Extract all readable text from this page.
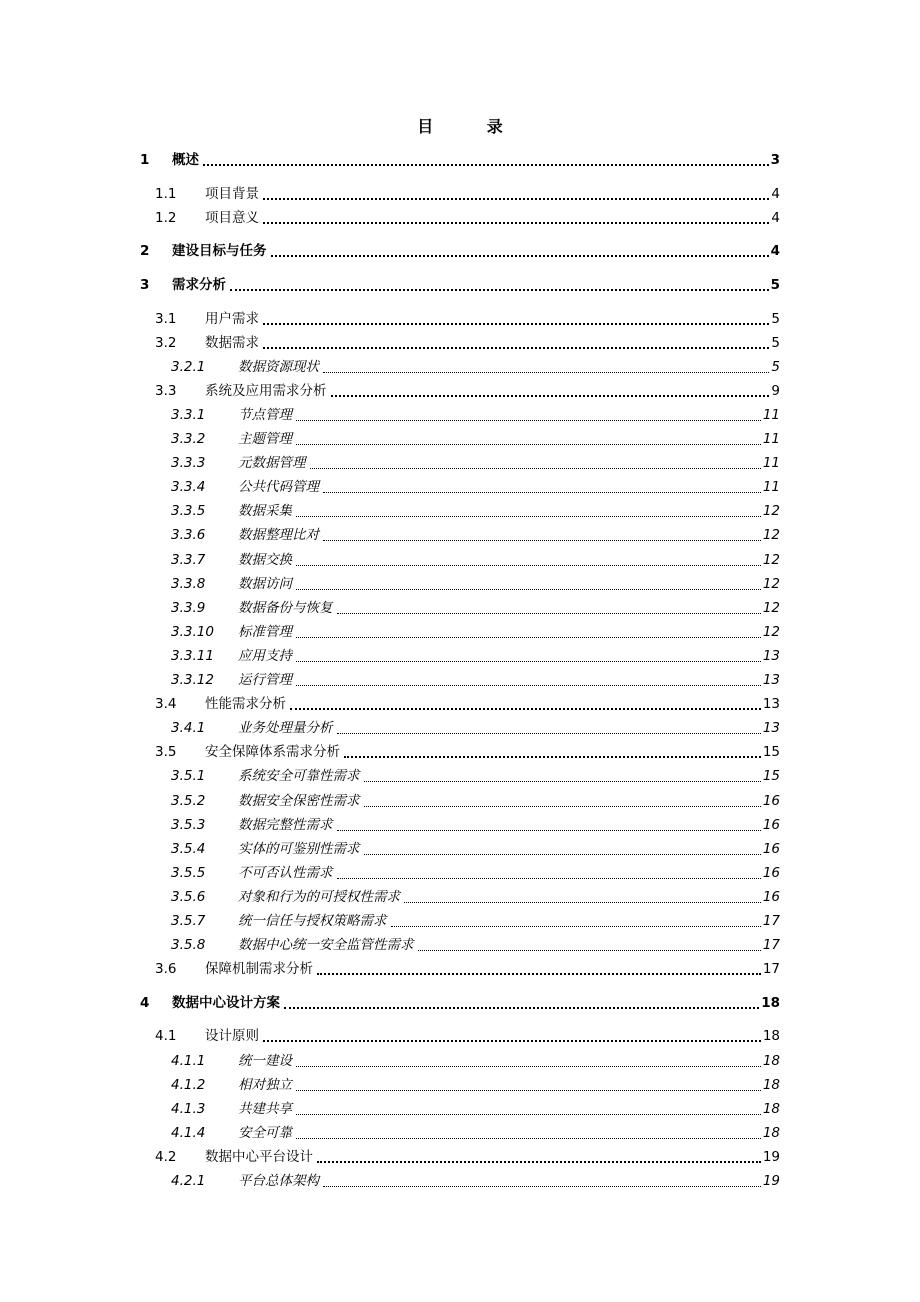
目 录
1	概述	3
1.1	项目背景	4
1.2	项目意义	4
2	建设目标与任务	4
3	需求分析	5
3.1	用户需求	5
3.2	数据需求	5
3.2.1	数据资源现状	5
3.3	系统及应用需求分析	9
3.3.1	节点管理	11
3.3.2	主题管理	11
3.3.3	元数据管理	11
3.3.4	公共代码管理	11
3.3.5	数据采集	12
3.3.6	数据整理比对	12
3.3.7	数据交换	12
3.3.8	数据访问	12
3.3.9	数据备份与恢复	12
3.3.10	标准管理	12
3.3.11	应用支持	13
3.3.12	运行管理	13
3.4	性能需求分析	13
3.4.1	业务处理量分析	13
3.5	安全保障体系需求分析	15
3.5.1	系统安全可靠性需求	15
3.5.2	数据安全保密性需求	16
3.5.3	数据完整性需求	16
3.5.4	实体的可鉴别性需求	16
3.5.5	不可否认性需求	16
3.5.6	对象和行为的可授权性需求	16
3.5.7	统一信任与授权策略需求	17
3.5.8	数据中心统一安全监管性需求	17
3.6	保障机制需求分析	17
4	数据中心设计方案	18
4.1	设计原则	18
4.1.1	统一建设	18
4.1.2	相对独立	18
4.1.3	共建共享	18
4.1.4	安全可靠	18
4.2	数据中心平台设计	19
4.2.1	平台总体架构	19
